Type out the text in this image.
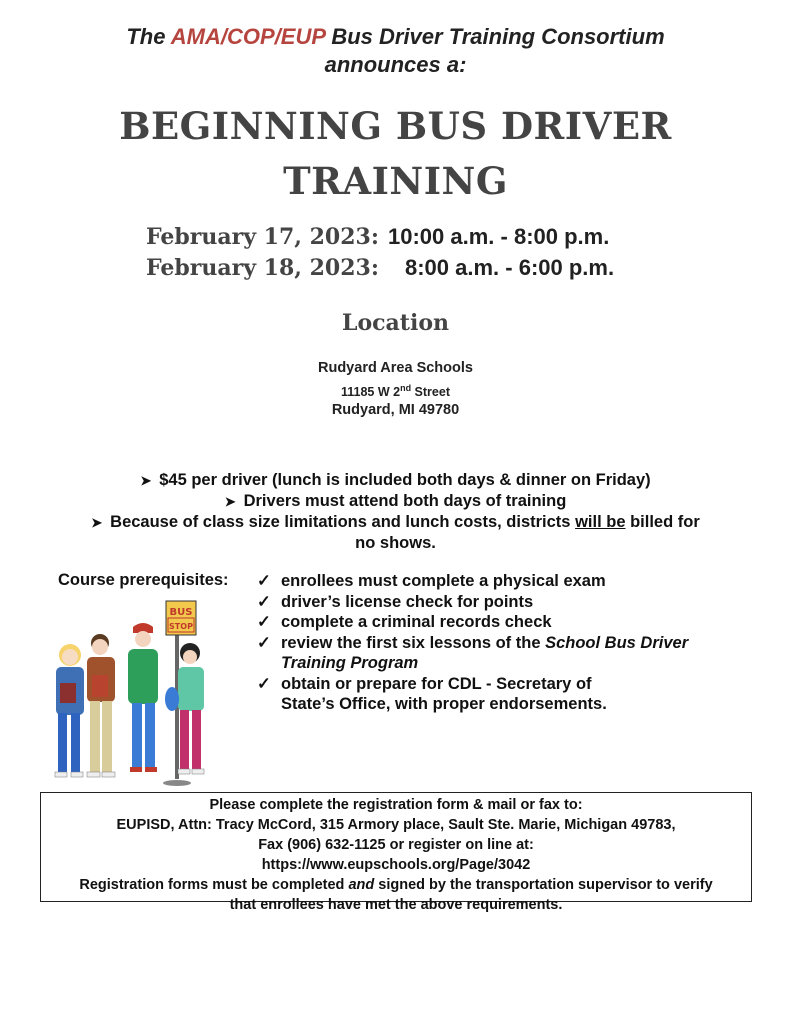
The AMA/COP/EUP Bus Driver Training Consortium
announces a:
BEGINNING BUS DRIVER
TRAINING
February 17, 2023: 10:00 a.m. - 8:00 p.m.
February 18, 2023: 8:00 a.m. - 6:00 p.m.
Location
Rudyard Area Schools
11185 W 2nd Street
Rudyard, MI 49780
➤ $45 per driver (lunch is included both days & dinner on Friday)
➤ Drivers must attend both days of training
➤ Because of class size limitations and lunch costs, districts will be billed for
no shows.
Course prerequisites: ✓ enrollees must complete a physical exam
✓ driver’s license check for points
✓ complete a criminal records check
✓ review the first six lessons of the School Bus Driver
Training Program
✓ obtain or prepare for CDL - Secretary of
State’s Office, with proper endorsements.
BUS
STOP
Please complete the registration form & mail or fax to:
EUPISD, Attn: Tracy McCord, 315 Armory place, Sault Ste. Marie, Michigan 49783,
Fax (906) 632-1125 or register on line at:
https://www.eupschools.org/Page/3042
Registration forms must be completed and signed by the transportation supervisor to verify
that enrollees have met the above requirements.
